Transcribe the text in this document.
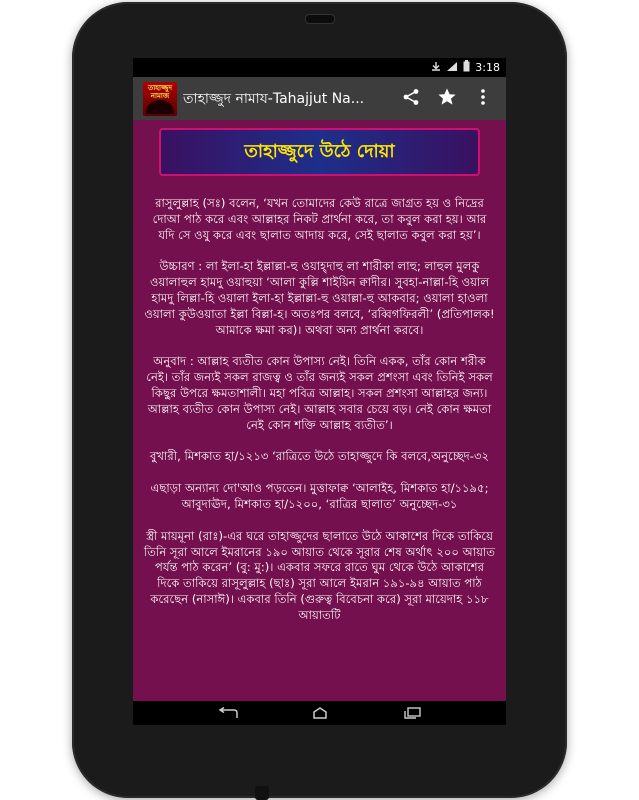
3:18
তাহাজ্জুদ নামাজ তাহাজ্জুদ নামায-Tahajjut Na...
তাহাজ্জুদে উঠে দোয়া

রাসুলুল্লাহ (সঃ) বলেন, ‘যখন তোমাদের কেউ রাত্রে জাগ্রত হয় ও নিদ্রের দোআ পাঠ করে এবং আল্লাহর নিকট প্রার্থনা করে, তা কবুল করা হয়। আর যদি সে ওযু করে এবং ছালাত আদায় করে, সেই ছালাত কবুল করা হয়’।

উচ্চারণ : লা ইলা-হা ইল্লাল্লা-হু ওয়াহ্‌দাহু লা শারীকা লাহু; লাহুল মুলকু ওয়ালাহুল হামদু ওয়াহুয়া ‘আলা কুল্লি শাইয়িন ক্বাদীর। সুবহা-নাল্লা-হি ওয়াল হামদু লিল্লা-হি ওয়ালা ইলা-হা ইল্লাল্লা-হু ওয়াল্লা-হু আকবার; ওয়ালা হাওলা ওয়ালা কুউওয়াতা ইল্লা বিল্লা-হ। অতঃপর বলবে, ‘রব্বিগফিরলী’ (প্রতিপালক! আমাকে ক্ষমা কর)। অথবা অন্য প্রার্থনা করবে।

অনুবাদ : আল্লাহ ব্যতীত কোন উপাস্য নেই। তিনি একক, তাঁর কোন শরীক নেই। তাঁর জন্যই সকল রাজত্ব ও তাঁর জন্যই সকল প্রশংসা এবং তিনিই সকল কিছুর উপরে ক্ষমতাশালী। মহা পবিত্র আল্লাহ। সকল প্রশংসা আল্লাহর জন্য। আল্লাহ ব্যতীত কোন উপাস্য নেই। আল্লাহ সবার চেয়ে বড়। নেই কোন ক্ষমতা নেই কোন শক্তি আল্লাহ ব্যতীত’।

বুখারী, মিশকাত হা/১২১৩ ‘রাত্রিতে উঠে তাহাজ্জুদে কি বলবে,অনুচ্ছেদ-৩২

এছাড়া অন্যান্য দো'আও পড়তেন। মুত্তাফাক্ব ‘আলাইহ, মিশকাত হা/১১৯৫; আবুদাঊদ, মিশকাত হা/১২০০, ‘রাত্রির ছালাত’ অনুচ্ছেদ-৩১

স্ত্রী মায়মূনা (রাঃ)-এর ঘরে তাহাজ্জুদের ছালাতে উঠে আকাশের দিকে তাকিয়ে তিনি সূরা আলে ইমরানের ১৯০ আয়াত থেকে সূরার শেষ অর্থাৎ ২০০ আয়াত পর্যন্ত পাঠ করেন’ (বু: মু:)। একবার সফরে রাতে ঘুম থেকে উঠে আকাশের দিকে তাকিয়ে রাসূলুল্লাহ (ছাঃ) সূরা আলে ইমরান ১৯১-৯৪ আয়াত পাঠ করেছেন (নাসাঈ)। একবার তিনি (গুরুত্ব বিবেচনা করে) সূরা মায়েদাহ ১১৮ আয়াতটি
